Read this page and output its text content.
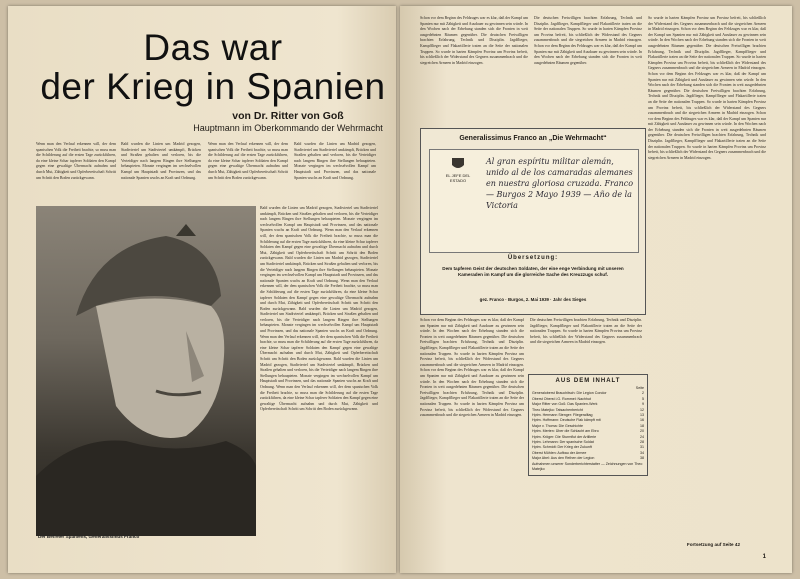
Das war
der Krieg in Spanien
von Dr. Ritter von Goß
Hauptmann im Oberkommando der Wehrmacht
Wenn man den Verlauf erkennen will, der dem spanischen Volk die Freiheit brachte, so muss man die Schilderung auf die ersten Tage zurückführen, da eine kleine Schar tapferer Soldaten den Kampf gegen eine gewaltige Übermacht aufnahm und durch Mut, Zähigkeit und Opferbereitschaft Schritt um Schritt den Boden zurückgewann.
Bald wurden die Linien um Madrid gezogen, Stadtviertel um Stadtviertel umkämpft, Brücken und Straßen gehalten und verloren, bis die Verteidiger nach langem Ringen ihre Stellungen behaupteten. Monate vergingen im wechselvollen Kampf um Hauptstadt und Provinzen, und das nationale Spanien wuchs an Kraft und Ordnung.
Wenn man den Verlauf erkennen will, der dem spanischen Volk die Freiheit brachte, so muss man die Schilderung auf die ersten Tage zurückführen, da eine kleine Schar tapferer Soldaten den Kampf gegen eine gewaltige Übermacht aufnahm und durch Mut, Zähigkeit und Opferbereitschaft Schritt um Schritt den Boden zurückgewann.
Bald wurden die Linien um Madrid gezogen, Stadtviertel um Stadtviertel umkämpft, Brücken und Straßen gehalten und verloren, bis die Verteidiger nach langem Ringen ihre Stellungen behaupteten. Monate vergingen im wechselvollen Kampf um Hauptstadt und Provinzen, und das nationale Spanien wuchs an Kraft und Ordnung.
Bald wurden die Linien um Madrid gezogen, Stadtviertel um Stadtviertel umkämpft, Brücken und Straßen gehalten und verloren, bis die Verteidiger nach langem Ringen ihre Stellungen behaupteten. Monate vergingen im wechselvollen Kampf um Hauptstadt und Provinzen, und das nationale Spanien wuchs an Kraft und Ordnung. Wenn man den Verlauf erkennen will, der dem spanischen Volk die Freiheit brachte, so muss man die Schilderung auf die ersten Tage zurückführen, da eine kleine Schar tapferer Soldaten den Kampf gegen eine gewaltige Übermacht aufnahm und durch Mut, Zähigkeit und Opferbereitschaft Schritt um Schritt den Boden zurückgewann. Bald wurden die Linien um Madrid gezogen, Stadtviertel um Stadtviertel umkämpft, Brücken und Straßen gehalten und verloren, bis die Verteidiger nach langem Ringen ihre Stellungen behaupteten. Monate vergingen im wechselvollen Kampf um Hauptstadt und Provinzen, und das nationale Spanien wuchs an Kraft und Ordnung. Wenn man den Verlauf erkennen will, der dem spanischen Volk die Freiheit brachte, so muss man die Schilderung auf die ersten Tage zurückführen, da eine kleine Schar tapferer Soldaten den Kampf gegen eine gewaltige Übermacht aufnahm und durch Mut, Zähigkeit und Opferbereitschaft Schritt um Schritt den Boden zurückgewann. Bald wurden die Linien um Madrid gezogen, Stadtviertel um Stadtviertel umkämpft, Brücken und Straßen gehalten und verloren, bis die Verteidiger nach langem Ringen ihre Stellungen behaupteten. Monate vergingen im wechselvollen Kampf um Hauptstadt und Provinzen, und das nationale Spanien wuchs an Kraft und Ordnung. Wenn man den Verlauf erkennen will, der dem spanischen Volk die Freiheit brachte, so muss man die Schilderung auf die ersten Tage zurückführen, da eine kleine Schar tapferer Soldaten den Kampf gegen eine gewaltige Übermacht aufnahm und durch Mut, Zähigkeit und Opferbereitschaft Schritt um Schritt den Boden zurückgewann. Bald wurden die Linien um Madrid gezogen, Stadtviertel um Stadtviertel umkämpft, Brücken und Straßen gehalten und verloren, bis die Verteidiger nach langem Ringen ihre Stellungen behaupteten. Monate vergingen im wechselvollen Kampf um Hauptstadt und Provinzen, und das nationale Spanien wuchs an Kraft und Ordnung. Wenn man den Verlauf erkennen will, der dem spanischen Volk die Freiheit brachte, so muss man die Schilderung auf die ersten Tage zurückführen, da eine kleine Schar tapferer Soldaten den Kampf gegen eine gewaltige Übermacht aufnahm und durch Mut, Zähigkeit und Opferbereitschaft Schritt um Schritt den Boden zurückgewann.
Der Befreier Spaniens, Generalissimus Franco
Schon vor dem Beginn des Feldzuges war es klar, daß der Kampf um Spanien nur mit Zähigkeit und Ausdauer zu gewinnen sein würde. In den Wochen nach der Erhebung standen sich die Fronten in weit ausgedehnten Räumen gegenüber. Die deutschen Freiwilligen brachten Erfahrung, Technik und Disziplin. Jagdflieger, Kampfflieger und Flakartillerie traten an die Seite der nationalen Truppen. So wurde in harten Kämpfen Provinz um Provinz befreit, bis schließlich der Widerstand des Gegners zusammenbrach und die siegreichen Armeen in Madrid einzogen.
Die deutschen Freiwilligen brachten Erfahrung, Technik und Disziplin. Jagdflieger, Kampfflieger und Flakartillerie traten an die Seite der nationalen Truppen. So wurde in harten Kämpfen Provinz um Provinz befreit, bis schließlich der Widerstand des Gegners zusammenbrach und die siegreichen Armeen in Madrid einzogen. Schon vor dem Beginn des Feldzuges war es klar, daß der Kampf um Spanien nur mit Zähigkeit und Ausdauer zu gewinnen sein würde. In den Wochen nach der Erhebung standen sich die Fronten in weit ausgedehnten Räumen gegenüber.
So wurde in harten Kämpfen Provinz um Provinz befreit, bis schließlich der Widerstand des Gegners zusammenbrach und die siegreichen Armeen in Madrid einzogen. Schon vor dem Beginn des Feldzuges war es klar, daß der Kampf um Spanien nur mit Zähigkeit und Ausdauer zu gewinnen sein würde. In den Wochen nach der Erhebung standen sich die Fronten in weit ausgedehnten Räumen gegenüber. Die deutschen Freiwilligen brachten Erfahrung, Technik und Disziplin. Jagdflieger, Kampfflieger und Flakartillerie traten an die Seite der nationalen Truppen. So wurde in harten Kämpfen Provinz um Provinz befreit, bis schließlich der Widerstand des Gegners zusammenbrach und die siegreichen Armeen in Madrid einzogen. Schon vor dem Beginn des Feldzuges war es klar, daß der Kampf um Spanien nur mit Zähigkeit und Ausdauer zu gewinnen sein würde. In den Wochen nach der Erhebung standen sich die Fronten in weit ausgedehnten Räumen gegenüber. Die deutschen Freiwilligen brachten Erfahrung, Technik und Disziplin. Jagdflieger, Kampfflieger und Flakartillerie traten an die Seite der nationalen Truppen. So wurde in harten Kämpfen Provinz um Provinz befreit, bis schließlich der Widerstand des Gegners zusammenbrach und die siegreichen Armeen in Madrid einzogen. Schon vor dem Beginn des Feldzuges war es klar, daß der Kampf um Spanien nur mit Zähigkeit und Ausdauer zu gewinnen sein würde. In den Wochen nach der Erhebung standen sich die Fronten in weit ausgedehnten Räumen gegenüber. Die deutschen Freiwilligen brachten Erfahrung, Technik und Disziplin. Jagdflieger, Kampfflieger und Flakartillerie traten an die Seite der nationalen Truppen. So wurde in harten Kämpfen Provinz um Provinz befreit, bis schließlich der Widerstand des Gegners zusammenbrach und die siegreichen Armeen in Madrid einzogen.
Generalissimus Franco an „Die Wehrmacht“
EL JEFE DEL ESTADO
Al gran espíritu militar alemán, unido al de los camaradas alemanes en nuestra gloriosa cruzada. Franco — Burgos 2 Mayo 1939 — Año de la Victoria
Übersetzung:
Dem tapferen Geist der deutschen Soldaten, der eine enge Verbindung mit unseren Kameraden im Kampf um die glorreiche Sache des Kreuzzugs schuf.
gez. Franco · Burgos, 2. Mai 1939 · Jahr des Sieges
Schon vor dem Beginn des Feldzuges war es klar, daß der Kampf um Spanien nur mit Zähigkeit und Ausdauer zu gewinnen sein würde. In den Wochen nach der Erhebung standen sich die Fronten in weit ausgedehnten Räumen gegenüber. Die deutschen Freiwilligen brachten Erfahrung, Technik und Disziplin. Jagdflieger, Kampfflieger und Flakartillerie traten an die Seite der nationalen Truppen. So wurde in harten Kämpfen Provinz um Provinz befreit, bis schließlich der Widerstand des Gegners zusammenbrach und die siegreichen Armeen in Madrid einzogen. Schon vor dem Beginn des Feldzuges war es klar, daß der Kampf um Spanien nur mit Zähigkeit und Ausdauer zu gewinnen sein würde. In den Wochen nach der Erhebung standen sich die Fronten in weit ausgedehnten Räumen gegenüber. Die deutschen Freiwilligen brachten Erfahrung, Technik und Disziplin. Jagdflieger, Kampfflieger und Flakartillerie traten an die Seite der nationalen Truppen. So wurde in harten Kämpfen Provinz um Provinz befreit, bis schließlich der Widerstand des Gegners zusammenbrach und die siegreichen Armeen in Madrid einzogen.
Die deutschen Freiwilligen brachten Erfahrung, Technik und Disziplin. Jagdflieger, Kampfflieger und Flakartillerie traten an die Seite der nationalen Truppen. So wurde in harten Kämpfen Provinz um Provinz befreit, bis schließlich der Widerstand des Gegners zusammenbrach und die siegreichen Armeen in Madrid einzogen.
AUS DEM INHALT
Seite
Generaloberst Brauchitsch: Die Legion Condor	2
Oberst Oberst i.G. Rommel: Nachhut	5
Major Ritter von Goß: Das Spanien-Werk	9
Theo Matejko: Tatsachenbericht	12
Hptm. Hermann Stenger: Fliegeralltag	13
Hptm. Hoffmann: Deutsche Flak kämpft mit	16
Major v. Thoma: Die Geschichte	18
Hptm. Merten: Über die Schlacht am Ebro	20
Hptm. Kröger: Die Sturmflut der Artillerie	24
Hptm. Lehmann: Der spanische Soldat	28
Hptm. Schmidt: Der Krieg der Zukunft	31
Oberst Mühlen: Aufbau der Armee	34
Major Abel: Aus den Reihen der Legion	38
Aufnahmen unserer Sonderberichterstatter — Zeichnungen von Theo Matejko
Fortsetzung auf Seite 42
1
